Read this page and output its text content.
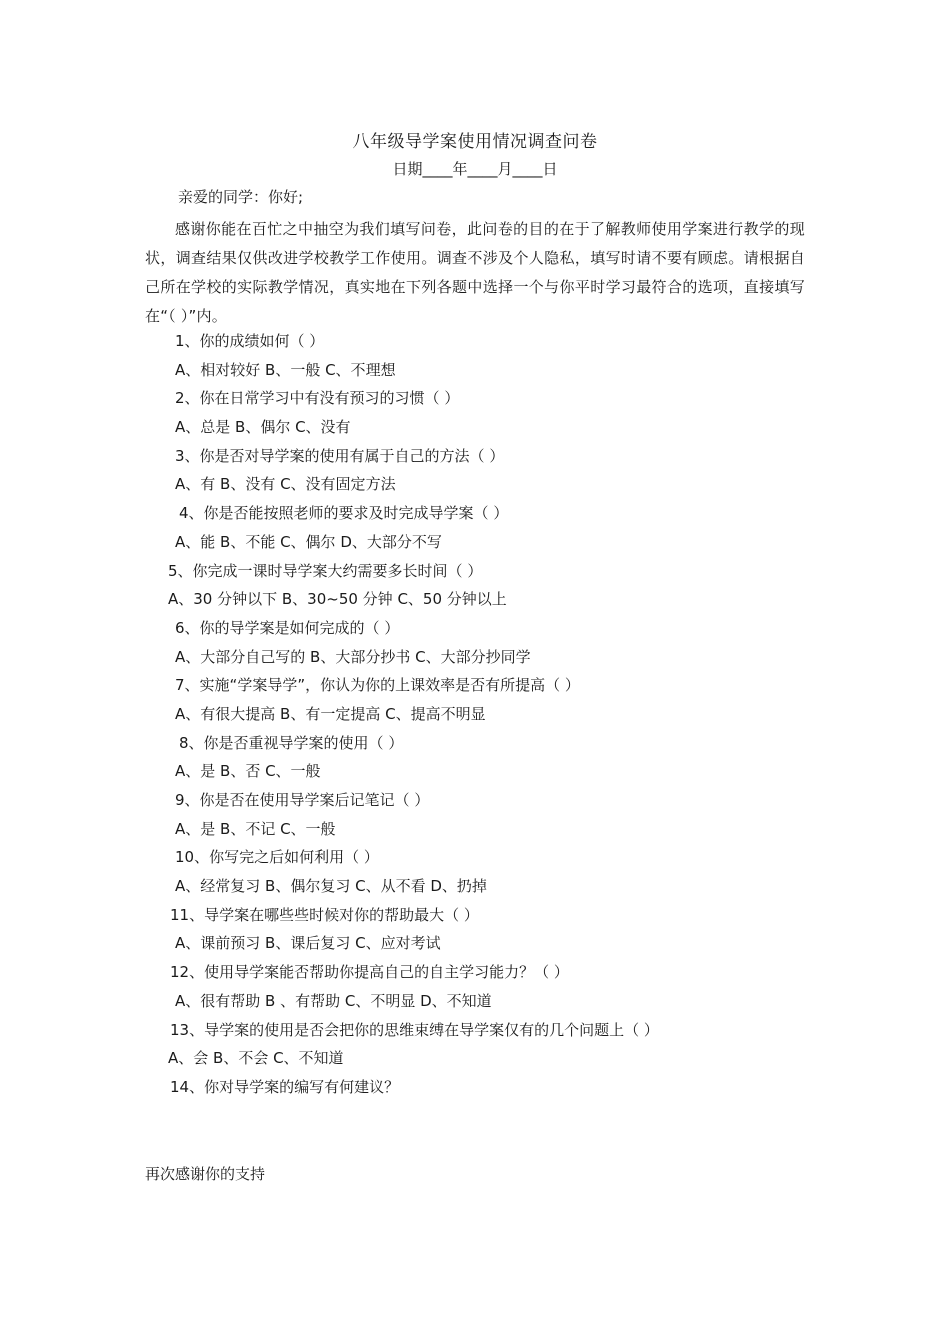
八年级导学案使用情况调查问卷
日期____年____月____日
亲爱的同学：你好;
感谢你能在百忙之中抽空为我们填写问卷，此问卷的目的在于了解教师使用学案进行教学的现状，调查结果仅供改进学校教学工作使用。调查不涉及个人隐私，填写时请不要有顾虑。请根据自己所在学校的实际教学情况，真实地在下列各题中选择一个与你平时学习最符合的选项，直接填写在“（ ）”内。
1、你的成绩如何（ ）
A、相对较好 B、一般 C、不理想
2、你在日常学习中有没有预习的习惯（ ）
A、总是 B、偶尔 C、没有
3、你是否对导学案的使用有属于自己的方法（ ）
A、有 B、没有 C、没有固定方法
4、你是否能按照老师的要求及时完成导学案（ ）
A、能 B、不能 C、偶尔 D、大部分不写
5、你完成一课时导学案大约需要多长时间（ ）
A、30 分钟以下 B、30~50 分钟 C、50 分钟以上
6、你的导学案是如何完成的（ ）
A、大部分自己写的 B、大部分抄书 C、大部分抄同学
7、实施“学案导学”，你认为你的上课效率是否有所提高（ ）
A、有很大提高 B、有一定提高 C、提高不明显
8、你是否重视导学案的使用（ ）
A、是 B、否 C、一般
9、你是否在使用导学案后记笔记（ ）
A、是 B、不记 C、一般
10、你写完之后如何利用（ ）
A、经常复习 B、偶尔复习 C、从不看 D、扔掉
11、导学案在哪些些时候对你的帮助最大（ ）
A、课前预习 B、课后复习 C、应对考试
12、使用导学案能否帮助你提高自己的自主学习能力？（ ）
A、很有帮助 B 、有帮助 C、不明显 D、不知道
13、导学案的使用是否会把你的思维束缚在导学案仅有的几个问题上（ ）
A、会 B、不会 C、不知道
14、你对导学案的编写有何建议？
再次感谢你的支持
